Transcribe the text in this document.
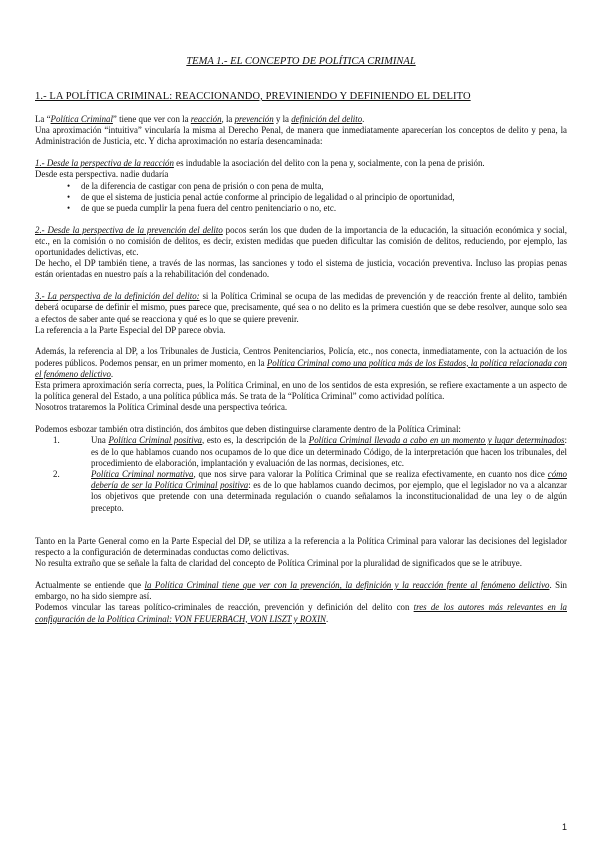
TEMA 1.- EL CONCEPTO DE POLÍTICA CRIMINAL
1.- LA POLÍTICA CRIMINAL: REACCIONANDO, PREVINIENDO Y DEFINIENDO EL DELITO

La “Política Criminal” tiene que ver con la reacción, la prevención y la definición del delito.

Una aproximación “intuitiva” vincularía la misma al Derecho Penal, de manera que inmediatamente aparecerían los conceptos de delito y pena, la Administración de Justicia, etc. Y dicha aproximación no estaría desencaminada:

1.- Desde la perspectiva de la reacción es indudable la asociación del delito con la pena y, socialmente, con la pena de prisión.

Desde esta perspectiva. nadie dudaría

• de la diferencia de castigar con pena de prisión o con pena de multa,
• de que el sistema de justicia penal actúe conforme al principio de legalidad o al principio de oportunidad,
• de que se pueda cumplir la pena fuera del centro penitenciario o no, etc.

2.- Desde la perspectiva de la prevención del delito pocos serán los que duden de la importancia de la educación, la situación económica y social, etc., en la comisión o no comisión de delitos, es decir, existen medidas que pueden dificultar las comisión de delitos, reduciendo, por ejemplo, las oportunidades delictivas, etc.

De hecho, el DP también tiene, a través de las normas, las sanciones y todo el sistema de justicia, vocación preventiva. Incluso las propias penas están orientadas en nuestro país a la rehabilitación del condenado.

3.- La perspectiva de la definición del delito: si la Política Criminal se ocupa de las medidas de prevención y de reacción frente al delito, también deberá ocuparse de definir el mismo, pues parece que, precisamente, qué sea o no delito es la primera cuestión que se debe resolver, aunque solo sea a efectos de saber ante qué se reacciona y qué es lo que se quiere prevenir.

La referencia a la Parte Especial del DP parece obvia.

Además, la referencia al DP, a los Tribunales de Justicia, Centros Penitenciarios, Policía, etc., nos conecta, inmediatamente, con la actuación de los poderes públicos. Podemos pensar, en un primer momento, en la Política Criminal como una política más de los Estados, la política relacionada con el fenómeno delictivo.

Esta primera aproximación sería correcta, pues, la Política Criminal, en uno de los sentidos de esta expresión, se refiere exactamente a un aspecto de la política general del Estado, a una política pública más. Se trata de la “Política Criminal” como actividad política.

Nosotros trataremos la Política Criminal desde una perspectiva teórica.

Podemos esbozar también otra distinción, dos ámbitos que deben distinguirse claramente dentro de la Política Criminal:

1.	Una Política Criminal positiva, esto es, la descripción de la Política Criminal llevada a cabo en un momento y lugar determinados: es de lo que hablamos cuando nos ocupamos de lo que dice un determinado Código, de la interpretación que hacen los tribunales, del procedimiento de elaboración, implantación y evaluación de las normas, decisiones, etc.
2.	Política Criminal normativa, que nos sirve para valorar la Política Criminal que se realiza efectivamente, en cuanto nos dice cómo debería de ser la Política Criminal positiva: es de lo que hablamos cuando decimos, por ejemplo, que el legislador no va a alcanzar los objetivos que pretende con una determinada regulación o cuando señalamos la inconstitucionalidad de una ley o de algún precepto.

Tanto en la Parte General como en la Parte Especial del DP, se utiliza a la referencia a la Política Criminal para valorar las decisiones del legislador respecto a la configuración de determinadas conductas como delictivas.

No resulta extraño que se señale la falta de claridad del concepto de Política Criminal por la pluralidad de significados que se le atribuye.

Actualmente se entiende que la Política Criminal tiene que ver con la prevención, la definición y la reacción frente al fenómeno delictivo. Sin embargo, no ha sido siempre así.

Podemos vincular las tareas político-criminales de reacción, prevención y definición del delito con tres de los autores más relevantes en la configuración de la Política Criminal: VON FEUERBACH, VON LISZT y ROXIN.

1
